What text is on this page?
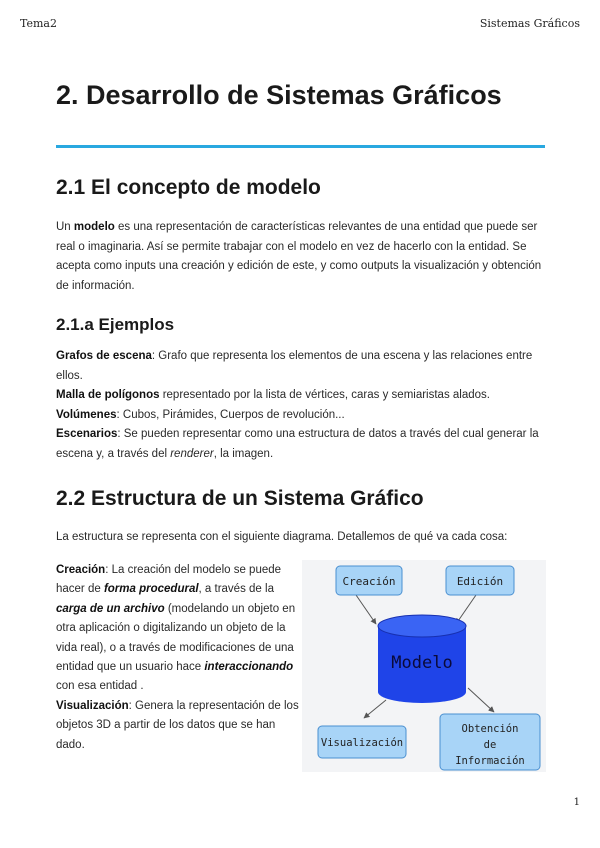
Tema2	Sistemas Gráficos
2. Desarrollo de Sistemas Gráficos
2.1 El concepto de modelo

Un modelo es una representación de características relevantes de una entidad que puede ser real o imaginaria. Así se permite trabajar con el modelo en vez de hacerlo con la entidad. Se acepta como inputs una creación y edición de este, y como outputs la visualización y obtención de información.

2.1.a Ejemplos

Grafos de escena: Grafo que representa los elementos de una escena y las relaciones entre ellos.

Malla de polígonos representado por la lista de vértices, caras y semiaristas alados.

Volúmenes: Cubos, Pirámides, Cuerpos de revolución...

Escenarios: Se pueden representar como una estructura de datos a través del cual generar la escena y, a través del renderer, la imagen.

2.2 Estructura de un Sistema Gráfico

La estructura se representa con el siguiente diagrama. Detallemos de qué va cada cosa:

Creación: La creación del modelo se puede hacer de forma procedural, a través de la carga de un archivo (modelando un objeto en otra aplicación o digitalizando un objeto de la vida real), o a través de modificaciones de una entidad que un usuario hace interaccionando con esa entidad .

Visualización: Genera la representación de los objetos 3D a partir de los datos que se han dado.

Creación	Edición
Modelo
Visualización
Obtención
de
Información
1
